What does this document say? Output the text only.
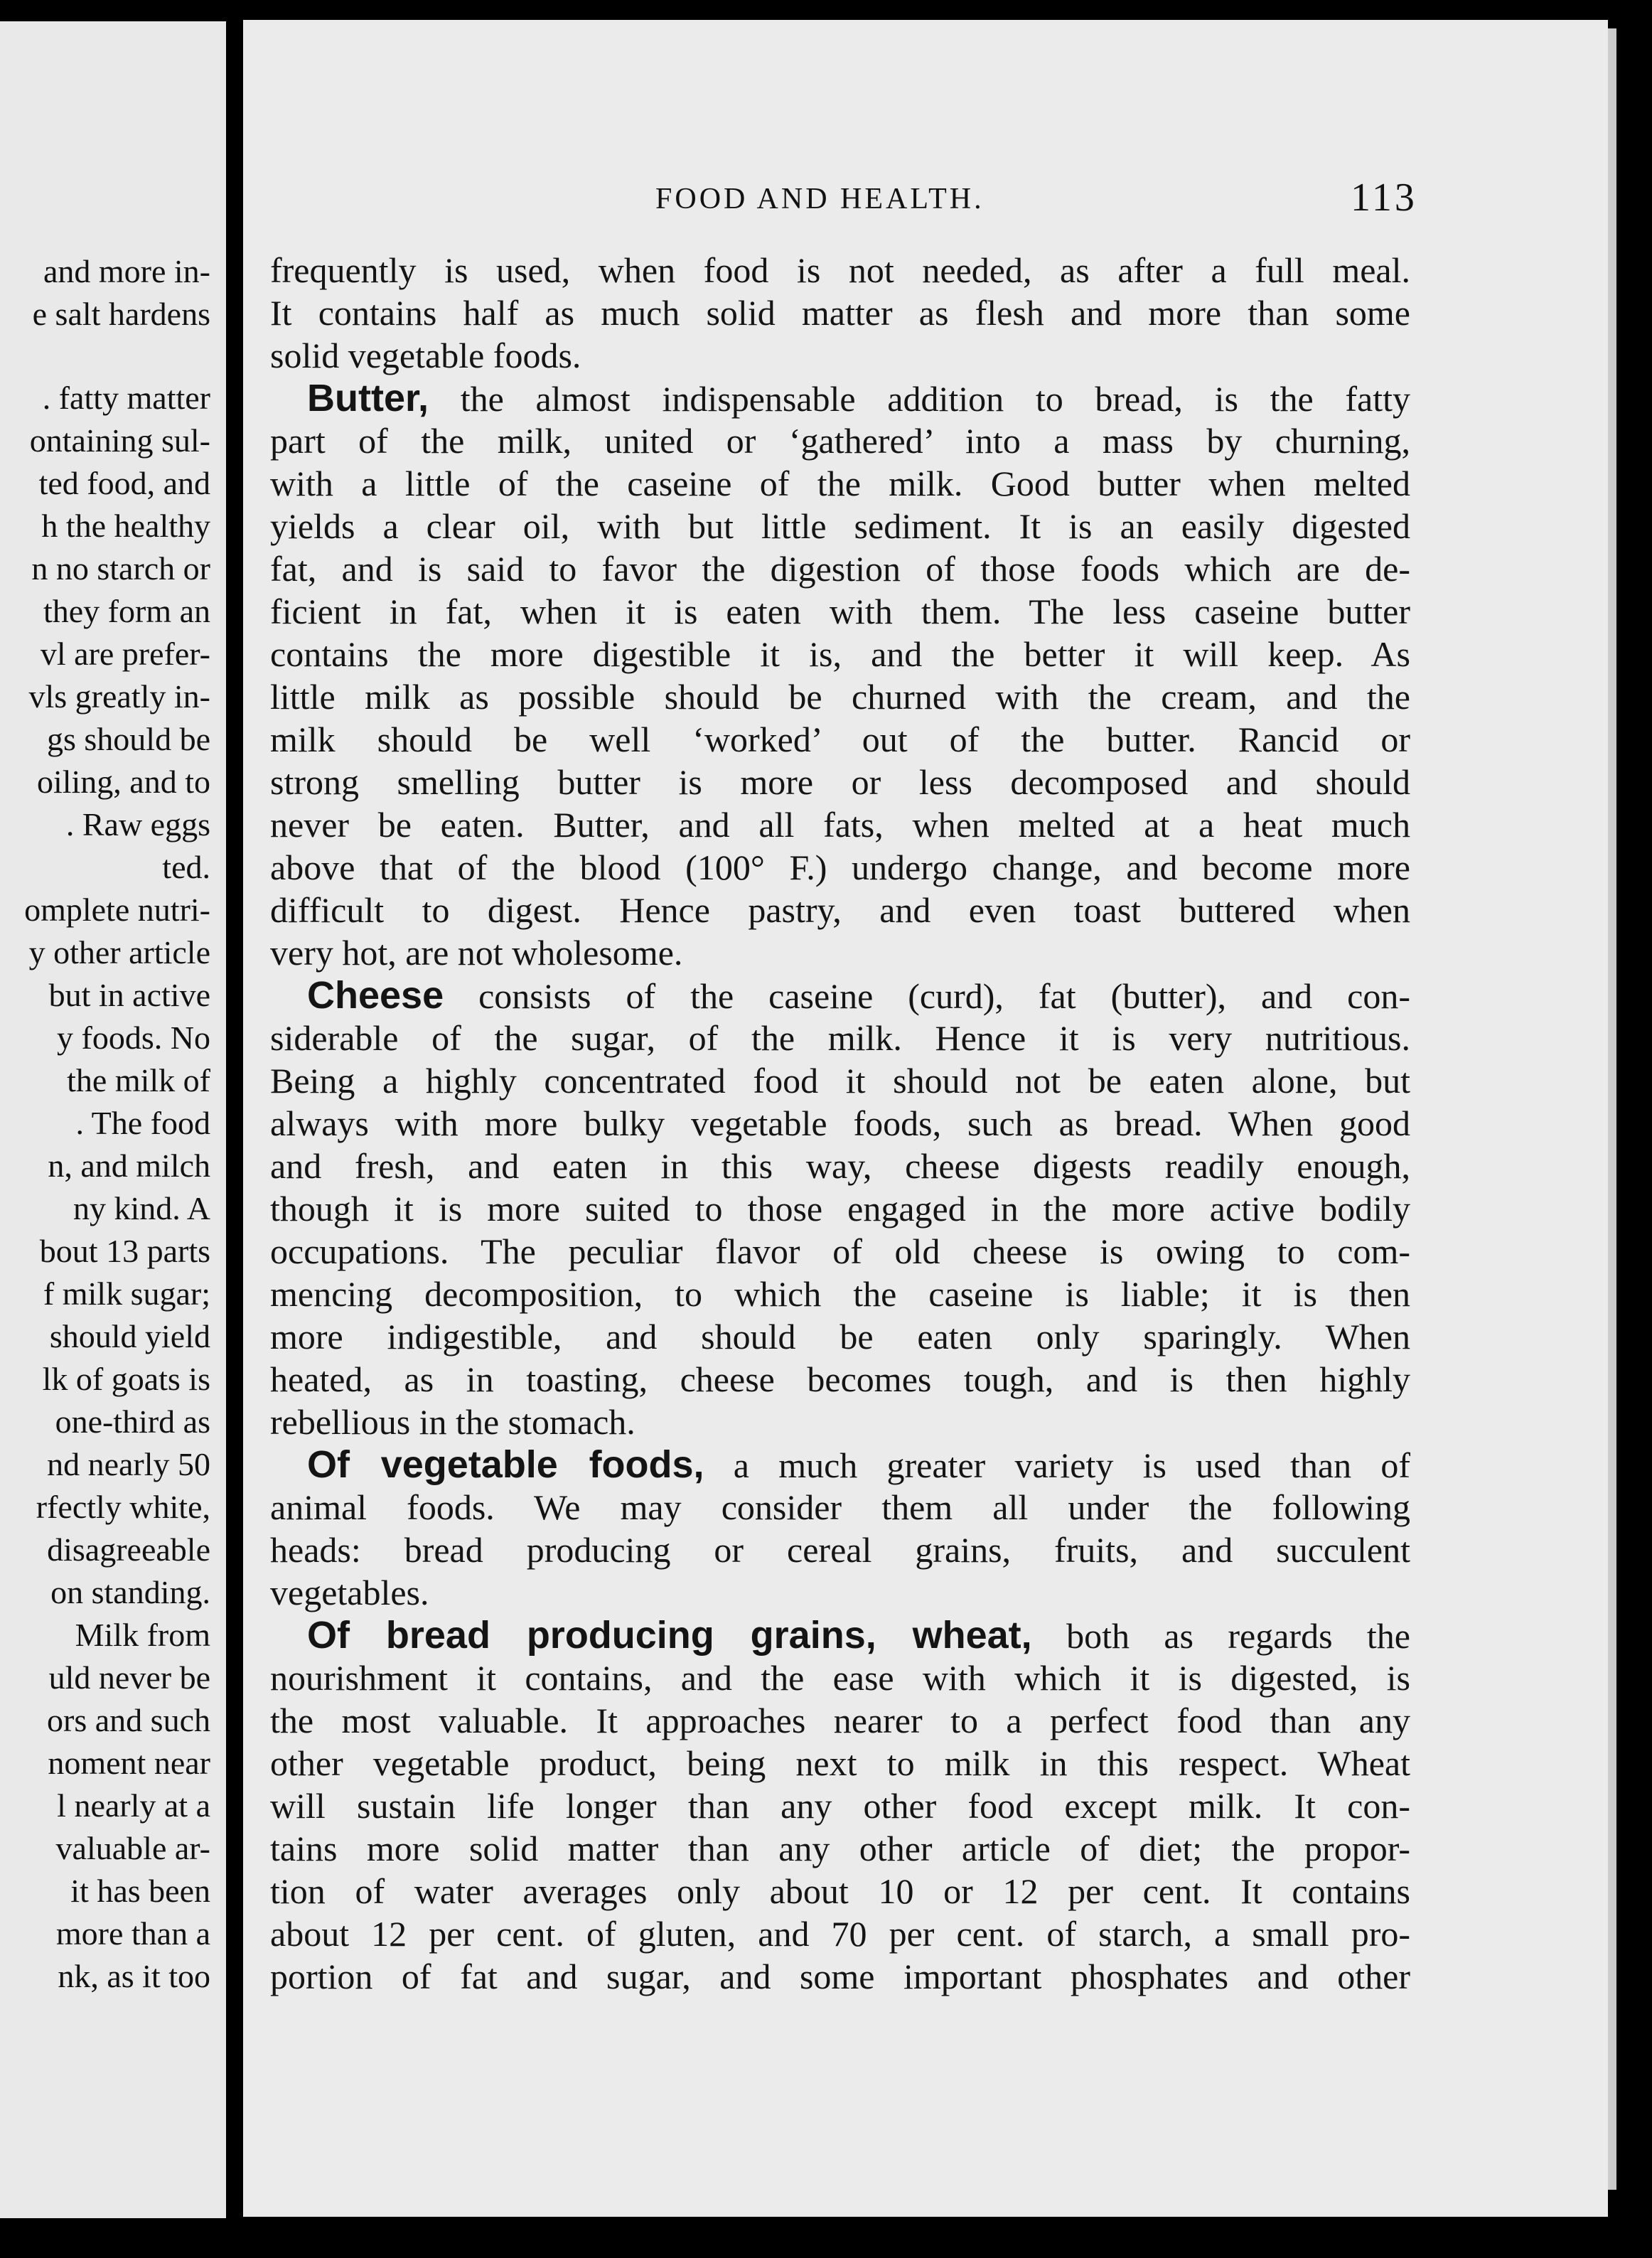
and more in-
e salt hardens
. fatty matter
ontaining sul-
ted food, and
h the healthy
n no starch or
they form an
vl are prefer-
vls greatly in-
gs should be
oiling, and to
. Raw eggs
ted.
omplete nutri-
y other article
but in active
y foods. No
the milk of
. The food
n, and milch
ny kind. A
bout 13 parts
f milk sugar;
should yield
lk of goats is
one-third as
nd nearly 50
rfectly white,
disagreeable
on standing.
Milk from
uld never be
ors and such
noment near
l nearly at a
valuable ar-
it has been
more than a
nk, as it too
FOOD AND HEALTH.	113
frequently is used, when food is not needed, as after a full meal.
It contains half as much solid matter as flesh and more than some
solid vegetable foods.
Butter, the almost indispensable addition to bread, is the fatty
part of the milk, united or ‘gathered’ into a mass by churning,
with a little of the caseine of the milk. Good butter when melted
yields a clear oil, with but little sediment. It is an easily digested
fat, and is said to favor the digestion of those foods which are de-
ficient in fat, when it is eaten with them. The less caseine butter
contains the more digestible it is, and the better it will keep. As
little milk as possible should be churned with the cream, and the
milk should be well ‘worked’ out of the butter. Rancid or
strong smelling butter is more or less decomposed and should
never be eaten. Butter, and all fats, when melted at a heat much
above that of the blood (100° F.) undergo change, and become more
difficult to digest. Hence pastry, and even toast buttered when
very hot, are not wholesome.
Cheese consists of the caseine (curd), fat (butter), and con-
siderable of the sugar, of the milk. Hence it is very nutritious.
Being a highly concentrated food it should not be eaten alone, but
always with more bulky vegetable foods, such as bread. When good
and fresh, and eaten in this way, cheese digests readily enough,
though it is more suited to those engaged in the more active bodily
occupations. The peculiar flavor of old cheese is owing to com-
mencing decomposition, to which the caseine is liable; it is then
more indigestible, and should be eaten only sparingly. When
heated, as in toasting, cheese becomes tough, and is then highly
rebellious in the stomach.
Of vegetable foods, a much greater variety is used than of
animal foods. We may consider them all under the following
heads: bread producing or cereal grains, fruits, and succulent
vegetables.
Of bread producing grains, wheat, both as regards the
nourishment it contains, and the ease with which it is digested, is
the most valuable. It approaches nearer to a perfect food than any
other vegetable product, being next to milk in this respect. Wheat
will sustain life longer than any other food except milk. It con-
tains more solid matter than any other article of diet; the propor-
tion of water averages only about 10 or 12 per cent. It contains
about 12 per cent. of gluten, and 70 per cent. of starch, a small pro-
portion of fat and sugar, and some important phosphates and other
